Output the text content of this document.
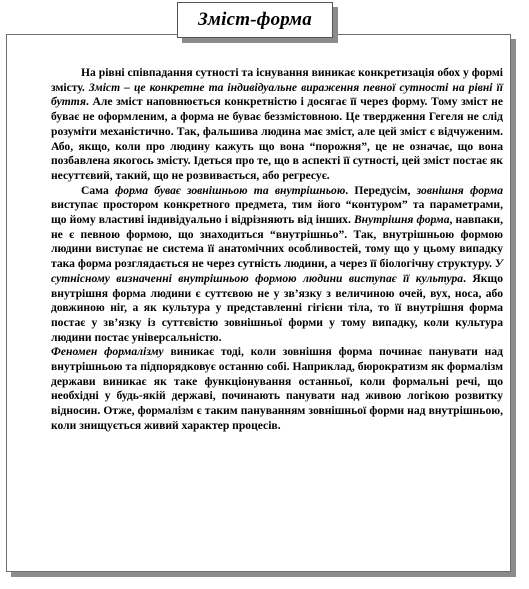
Зміст-форма

На рівні співпадання сутності та існування виникає конкретизація обох у формі змісту. Зміст – це конкретне та індивідуальне вираження певної сутності на рівні її буття. Але зміст наповнюється конкретністю і досягає її через форму. Тому зміст не буває не оформленим, а форма не буває беззмістовною. Це твердження Гегеля не слід розуміти механістично. Так, фальшива людина має зміст, але цей зміст є відчуженим. Або, якщо, коли про людину кажуть що вона “порожня”, це не означає, що вона позбавлена якогось змісту. Ідеться про те, що в аспекті її сутності, цей зміст постає як несуттєвий, такий, що не розвивається, або регресує.

Сама форма буває зовнішньою та внутрішньою. Передусім, зовнішня форма виступає простором конкретного предмета, тим його “контуром” та параметрами, що йому властиві індивідуально і відрізняють від інших. Внутрішня форма, навпаки, не є певною формою, що знаходиться “внутрішньо”. Так, внутрішньою формою людини виступає не система її анатомічних особливостей, тому що у цьому випадку така форма розглядається не через сутність людини, а через її біологічну структуру. У сутнісному визначенні внутрішньою формою людини виступає її культура. Якщо внутрішня форма людини є суттєвою не у зв’язку з величиною очей, вух, носа, або довжиною ніг, а як культура у представленні гігієни тіла, то її внутрішня форма постає у зв’язку із суттєвістю зовнішньої форми у тому випадку, коли культура людини постає універсальністю.

Феномен формалізму виникає тоді, коли зовнішня форма починає панувати над внутрішньою та підпорядковує останню собі. Наприклад, бюрократизм як формалізм держави виникає як таке функціонування останньої, коли формальні речі, що необхідні у будь-якій державі, починають панувати над живою логікою розвитку відносин. Отже, формалізм є таким пануванням зовнішньої форми над внутрішньою, коли знищується живий характер процесів.
